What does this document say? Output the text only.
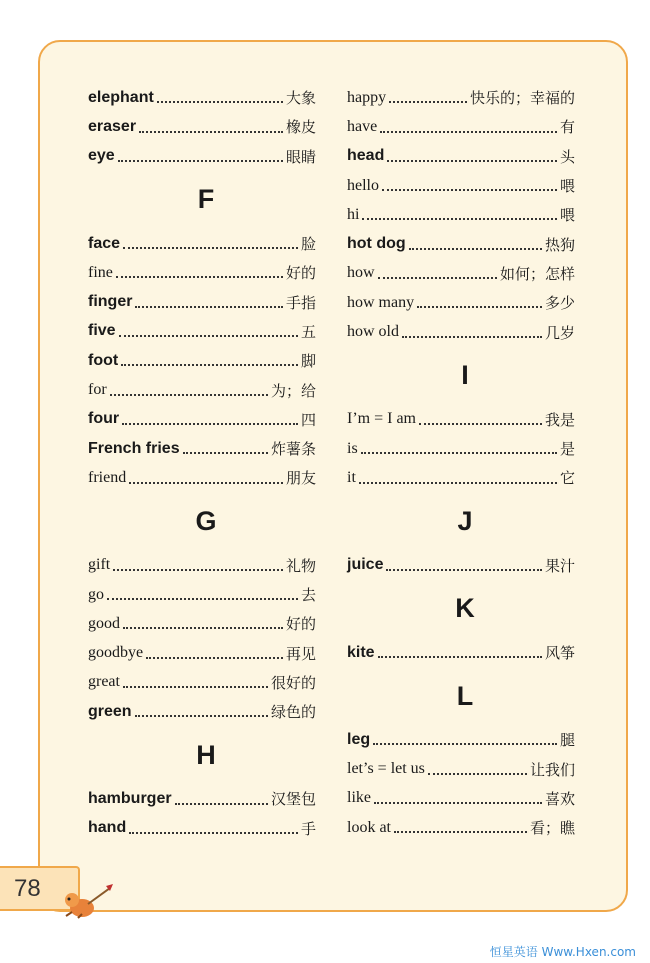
elephant	大象
eraser	橡皮
eye	眼睛
F
face	脸
fine	好的
finger	手指
five	五
foot	脚
for	为；给
four	四
French fries	炸薯条
friend	朋友
G
gift	礼物
go	去
good	好的
goodbye	再见
great	很好的
green	绿色的
H
hamburger	汉堡包
hand	手
happy	快乐的；幸福的
have	有
head	头
hello	喂
hi	喂
hot dog	热狗
how	如何；怎样
how many	多少
how old	几岁
I
I’m = I am	我是
is	是
it	它
J
juice	果汁
K
kite	风筝
L
leg	腿
let’s = let us	让我们
like	喜欢
look at	看；瞧
78
恒星英语 Www.Hxen.com
